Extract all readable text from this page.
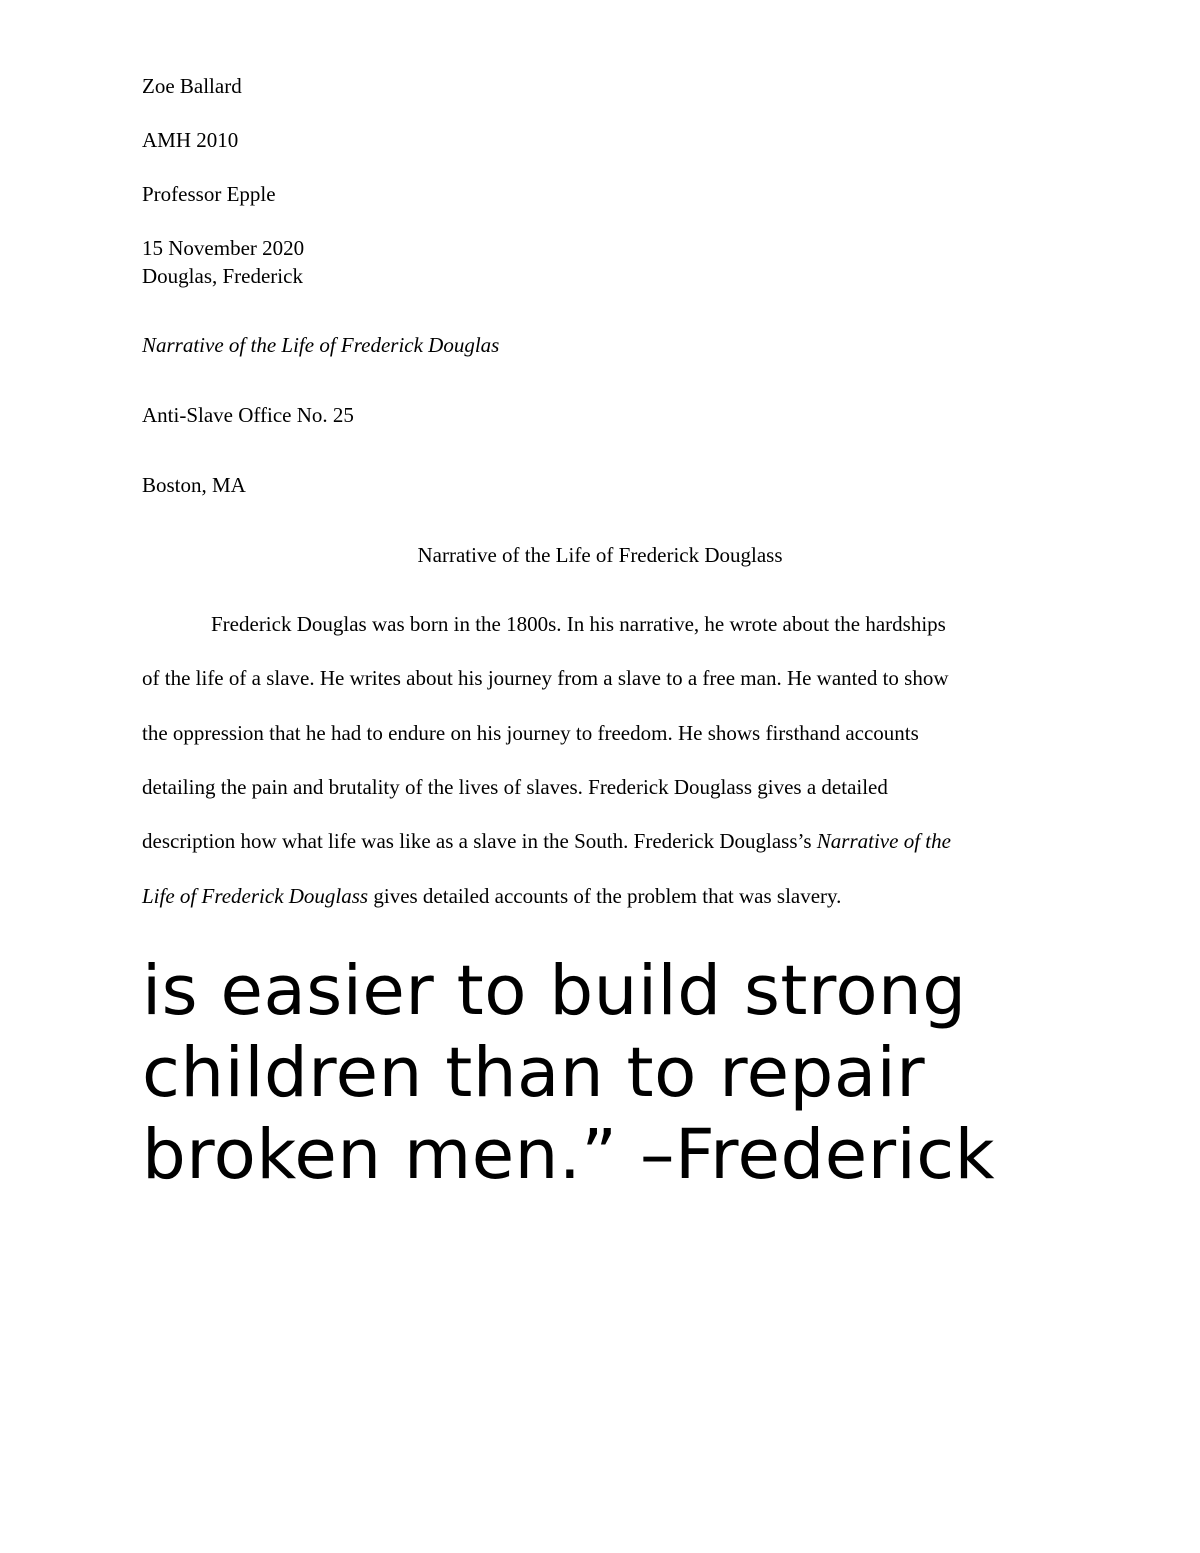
Zoe Ballard
AMH 2010
Professor Epple
15 November 2020
Douglas, Frederick
Narrative of the Life of Frederick Douglas
Anti-Slave Office No. 25
Boston, MA
Narrative of the Life of Frederick Douglass
Frederick Douglas was born in the 1800s. In his narrative, he wrote about the hardships
of the life of a slave. He writes about his journey from a slave to a free man. He wanted to show
the oppression that he had to endure on his journey to freedom. He shows firsthand accounts
detailing the pain and brutality of the lives of slaves. Frederick Douglass gives a detailed
description how what life was like as a slave in the South. Frederick Douglass’s Narrative of the
Life of Frederick Douglass gives detailed accounts of the problem that was slavery.
is easier to build strong
children than to repair
broken men.” –Frederick
